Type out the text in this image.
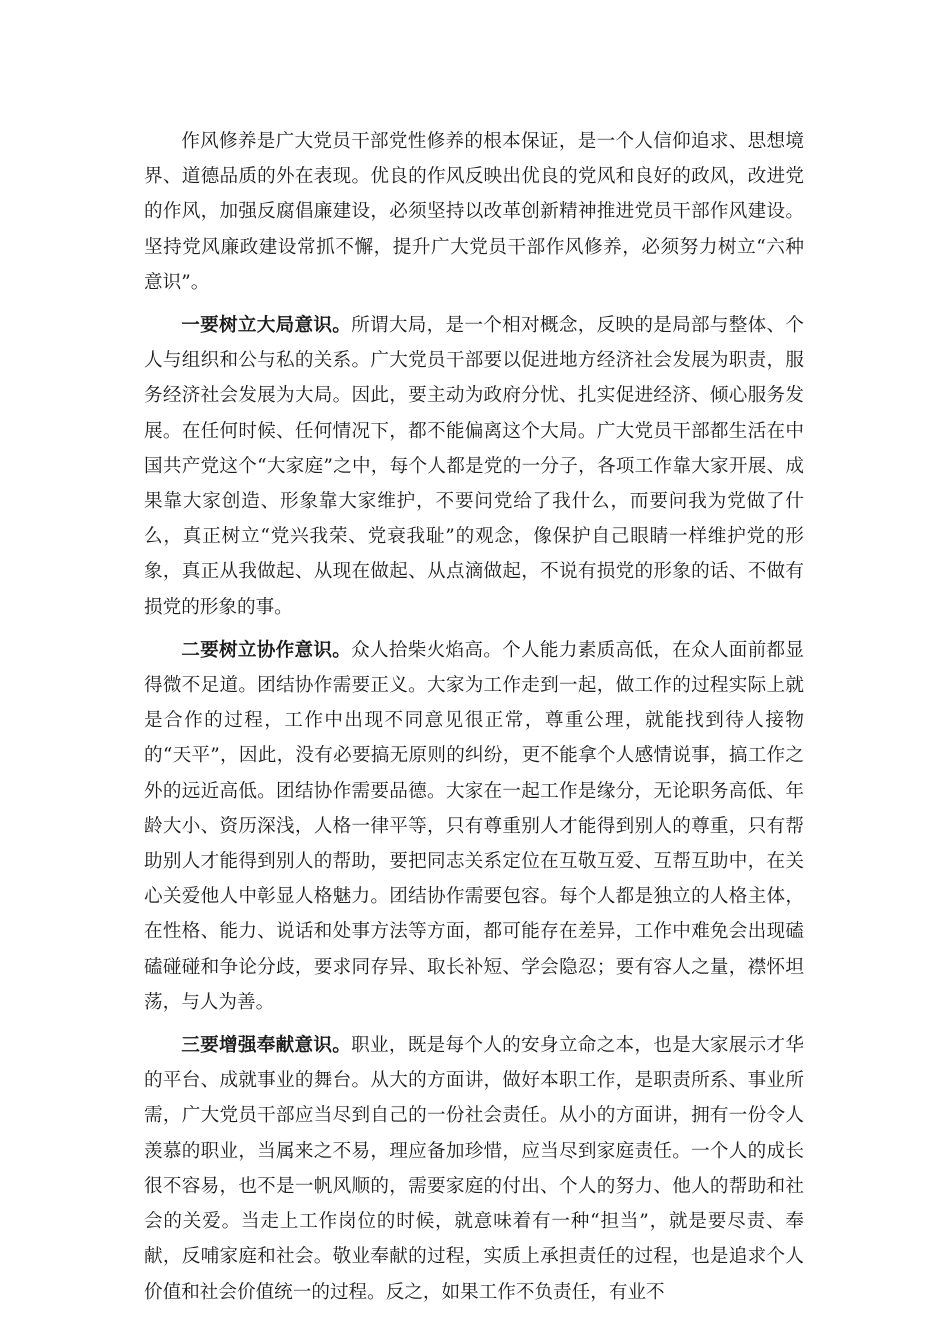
作风修养是广大党员干部党性修养的根本保证，是一个人信仰追求、思想境界、道德品质的外在表现。优良的作风反映出优良的党风和良好的政风，改进党的作风，加强反腐倡廉建设，必须坚持以改革创新精神推进党员干部作风建设。坚持党风廉政建设常抓不懈，提升广大党员干部作风修养，必须努力树立“六种意识”。

一要树立大局意识。所谓大局，是一个相对概念，反映的是局部与整体、个人与组织和公与私的关系。广大党员干部要以促进地方经济社会发展为职责，服务经济社会发展为大局。因此，要主动为政府分忧、扎实促进经济、倾心服务发展。在任何时候、任何情况下，都不能偏离这个大局。广大党员干部都生活在中国共产党这个“大家庭”之中，每个人都是党的一分子，各项工作靠大家开展、成果靠大家创造、形象靠大家维护，不要问党给了我什么，而要问我为党做了什么，真正树立“党兴我荣、党衰我耻”的观念，像保护自己眼睛一样维护党的形象，真正从我做起、从现在做起、从点滴做起，不说有损党的形象的话、不做有损党的形象的事。

二要树立协作意识。众人拾柴火焰高。个人能力素质高低，在众人面前都显得微不足道。团结协作需要正义。大家为工作走到一起，做工作的过程实际上就是合作的过程，工作中出现不同意见很正常，尊重公理，就能找到待人接物的“天平”，因此，没有必要搞无原则的纠纷，更不能拿个人感情说事，搞工作之外的远近高低。团结协作需要品德。大家在一起工作是缘分，无论职务高低、年龄大小、资历深浅，人格一律平等，只有尊重别人才能得到别人的尊重，只有帮助别人才能得到别人的帮助，要把同志关系定位在互敬互爱、互帮互助中，在关心关爱他人中彰显人格魅力。团结协作需要包容。每个人都是独立的人格主体，在性格、能力、说话和处事方法等方面，都可能存在差异，工作中难免会出现磕磕碰碰和争论分歧，要求同存异、取长补短、学会隐忍；要有容人之量，襟怀坦荡，与人为善。

三要增强奉献意识。职业，既是每个人的安身立命之本，也是大家展示才华的平台、成就事业的舞台。从大的方面讲，做好本职工作，是职责所系、事业所需，广大党员干部应当尽到自己的一份社会责任。从小的方面讲，拥有一份令人羡慕的职业，当属来之不易，理应备加珍惜，应当尽到家庭责任。一个人的成长很不容易，也不是一帆风顺的，需要家庭的付出、个人的努力、他人的帮助和社会的关爱。当走上工作岗位的时候，就意味着有一种“担当”，就是要尽责、奉献，反哺家庭和社会。敬业奉献的过程，实质上承担责任的过程，也是追求个人价值和社会价值统一的过程。反之，如果工作不负责任，有业不
